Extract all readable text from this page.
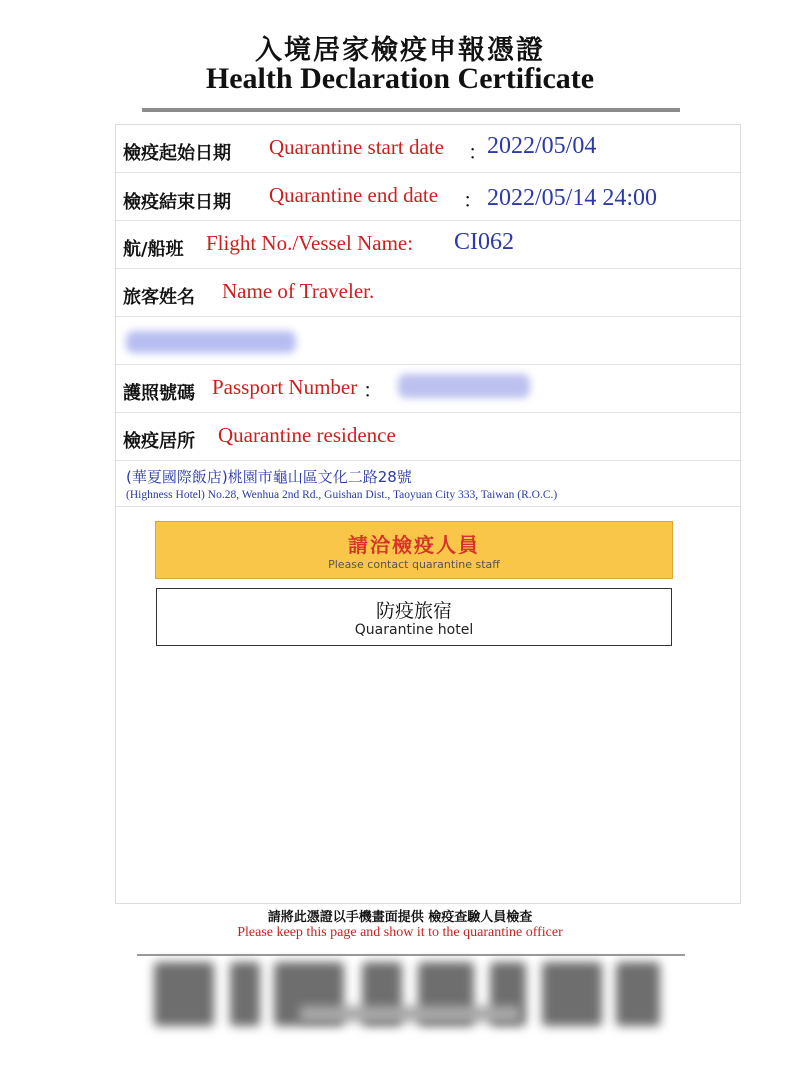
入境居家檢疫申報憑證
Health Declaration Certificate
檢疫起始日期 Quarantine start date ： 2022/05/04
檢疫結束日期 Quarantine end date ： 2022/05/14 24:00
航/船班 Flight No./Vessel Name: CI062
旅客姓名 Name of Traveler.
護照號碼 Passport Number ：
檢疫居所 Quarantine residence
(華夏國際飯店)桃園市龜山區文化二路28號
(Highness Hotel) No.28, Wenhua 2nd Rd., Guishan Dist., Taoyuan City 333, Taiwan (R.O.C.)
請洽檢疫人員
Please contact quarantine staff
防疫旅宿
Quarantine hotel
請將此憑證以手機畫面提供 檢疫查驗人員檢查
Please keep this page and show it to the quarantine officer
